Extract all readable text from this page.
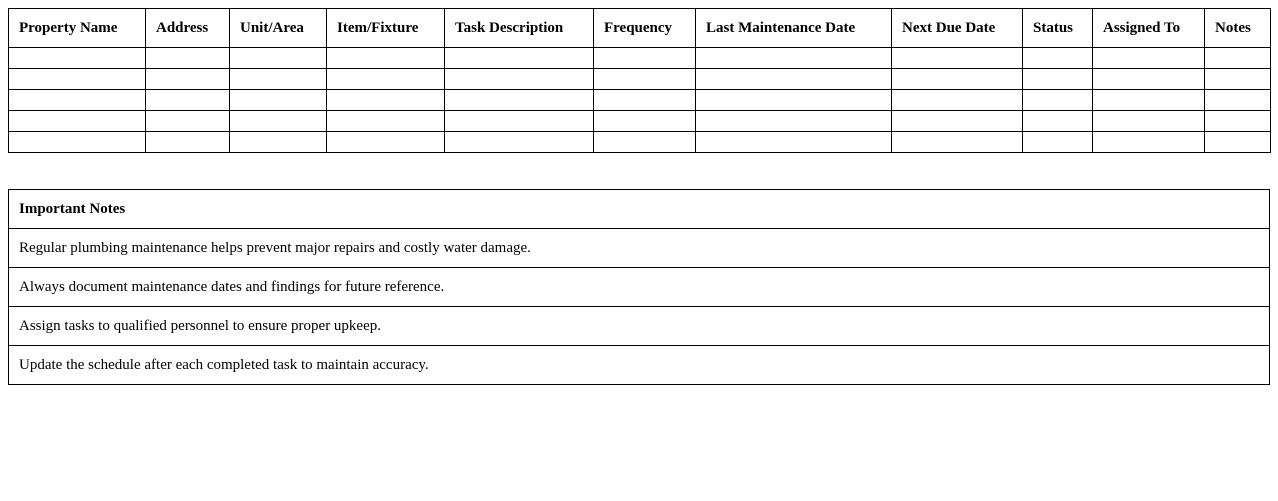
Property Name	Address	Unit/Area	Item/Fixture	Task Description	Frequency	Last Maintenance Date	Next Due Date	Status	Assigned To	Notes

Important Notes
Regular plumbing maintenance helps prevent major repairs and costly water damage.
Always document maintenance dates and findings for future reference.
Assign tasks to qualified personnel to ensure proper upkeep.
Update the schedule after each completed task to maintain accuracy.
